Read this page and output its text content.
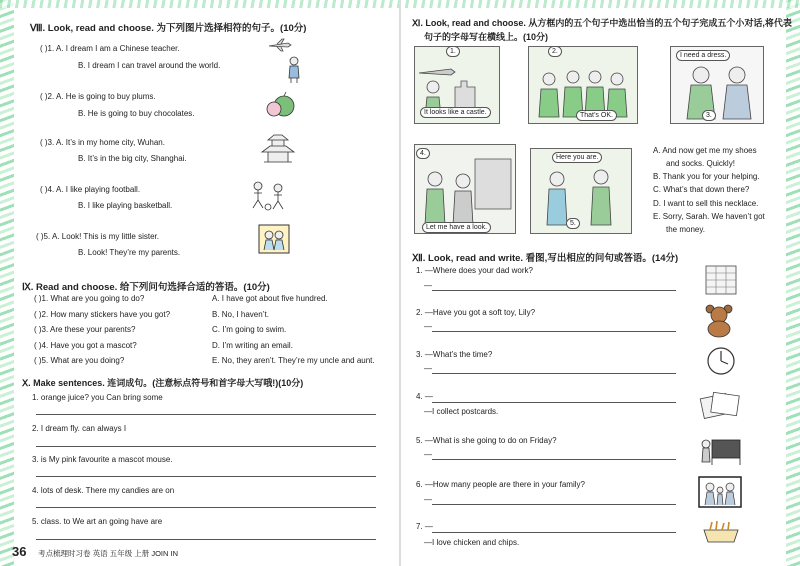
Ⅷ. Look, read and choose. 为下列图片选择相符的句子。(10分)
( )1. A. I dream I am a Chinese teacher.
B. I dream I can travel around the world.
( )2. A. He is going to buy plums.
B. He is going to buy chocolates.
( )3. A. It’s in my home city, Wuhan.
B. It’s in the big city, Shanghai.
( )4. A. I like playing football.
B. I like playing basketball.
( )5. A. Look! This is my little sister.
B. Look! They’re my parents.
Ⅸ. Read and choose. 给下列问句选择合适的答语。(10分)
( )1. What are you going to do?
( )2. How many stickers have you got?
( )3. Are these your parents?
( )4. Have you got a mascot?
( )5. What are you doing?
A. I have got about five hundred.
B. No, I haven’t.
C. I’m going to swim.
D. I’m writing an email.
E. No, they aren’t. They’re my uncle and aunt.
Ⅹ. Make sentences. 连词成句。(注意标点符号和首字母大写哦!)(10分)
1. orange juice? you Can bring some
2. I dream fly. can always I
3. is My pink favourite a mascot mouse.
4. lots of desk. There my candies are on
5. class. to We art an going have are
36 考点梳理时习卷 英语 五年级 上册 JOIN IN
Ⅺ. Look, read and choose. 从方框内的五个句子中选出恰当的五个句子完成五个小对话,将代表
句子的字母写在横线上。(10分)
1.
It looks like a castle.
2.
That’s OK.
I need a dress.
3.
4.
Let me have a look.
Here you are.
5.
A. And now get me my shoes
and socks. Quickly!
B. Thank you for your helping.
C. What’s that down there?
D. I want to sell this necklace.
E. Sorry, Sarah. We haven’t got
the money.
Ⅻ. Look, read and write. 看图,写出相应的问句或答语。(14分)
1. —Where does your dad work?
—
2. —Have you got a soft toy, Lily?
—
3. —What’s the time?
—
4. —
—I collect postcards.
5. —What is she going to do on Friday?
—
6. —How many people are there in your family?
—
7. —
—I love chicken and chips.
